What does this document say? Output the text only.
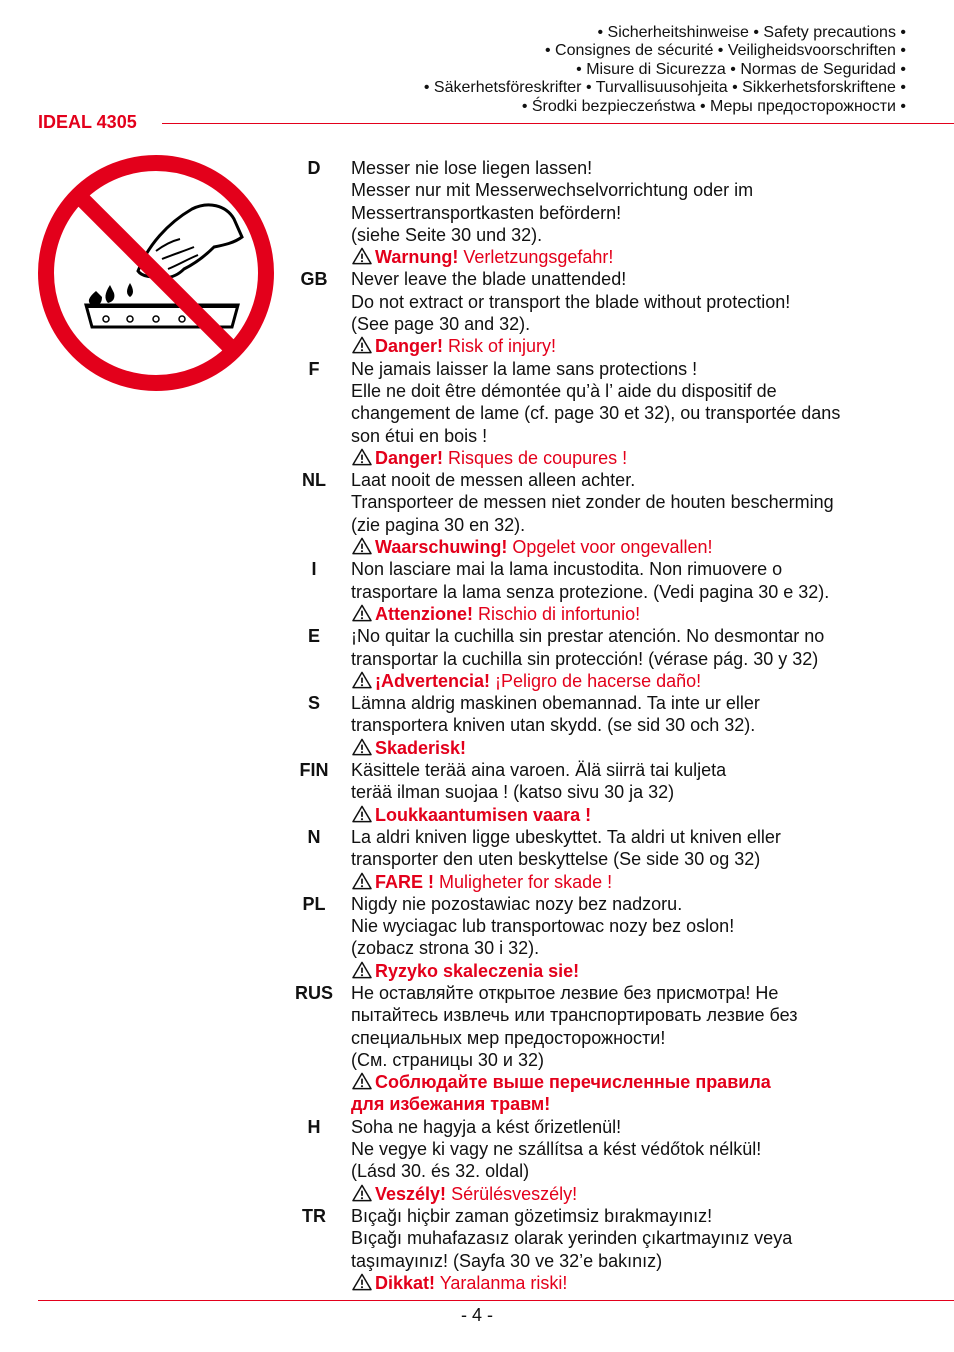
• Sicherheitshinweise • Safety precautions •
• Consignes de sécurité • Veiligheidsvoorschriften •
• Misure di Sicurezza • Normas de Seguridad •
• Säkerhetsföreskrifter • Turvallisuusohjeita • Sikkerhetsforskriftene •
• Środki bezpieczeństwa • Меры предосторожности •
IDEAL 4305
D	Messer nie lose liegen lassen!
Messer nur mit Messerwechselvorrichtung oder im
Messertransportkasten befördern!
(siehe Seite 30 und 32).
Warnung! Verletzungsgefahr!
GB	Never leave the blade unattended!
Do not extract or transport the blade without protection!
(See page 30 and 32).
Danger! Risk of injury!
F	Ne jamais laisser la lame sans protections !
Elle ne doit être démontée qu’à l’ aide du dispositif de
changement de lame (cf. page 30 et 32), ou transportée dans
son étui en bois !
Danger! Risques de coupures !
NL	Laat nooit de messen alleen achter.
Transporteer de messen niet zonder de houten bescherming
(zie pagina 30 en 32).
Waarschuwing! Opgelet voor ongevallen!
I	Non lasciare mai la lama incustodita. Non rimuovere o
trasportare la lama senza protezione. (Vedi pagina 30 e 32).
Attenzione! Rischio di infortunio!
E	¡No quitar la cuchilla sin prestar atención. No desmontar no
transportar la cuchilla sin protección! (vérase pág. 30 y 32)
¡Advertencia! ¡Peligro de hacerse daño!
S	Lämna aldrig maskinen obemannad. Ta inte ur eller
transportera kniven utan skydd. (se sid 30 och 32).
Skaderisk!
FIN	Käsittele terää aina varoen. Älä siirrä tai kuljeta
terää ilman suojaa ! (katso sivu 30 ja 32)
Loukkaantumisen vaara !
N	La aldri kniven ligge ubeskyttet. Ta aldri ut kniven eller
transporter den uten beskyttelse (Se side 30 og 32)
FARE ! Muligheter for skade !
PL	Nigdy nie pozostawiac nozy bez nadzoru.
Nie wyciagac lub transportowac nozy bez oslon!
(zobacz strona 30 i 32).
Ryzyko skaleczenia sie!
RUS Не оставляйте открытое лезвие без присмотра! Не
пытайтесь извлечь или транспортировать лезвие без
специальных мер предосторожности!
(См. страницы 30 и 32)
Соблюдайте выше перечисленные правила
для избежания травм!
H	Soha ne hagyja a kést őrizetlenül!
Ne vegye ki vagy ne szállítsa a kést védőtok nélkül!
(Lásd 30. és 32. oldal)
Veszély! Sérülésveszély!
TR	Bıçağı hiçbir zaman gözetimsiz bırakmayınız!
Bıçağı muhafazasız olarak yerinden çıkartmayınız veya
taşımayınız! (Sayfa 30 ve 32’e bakınız)
Dikkat! Yaralanma riski!
- 4 -
